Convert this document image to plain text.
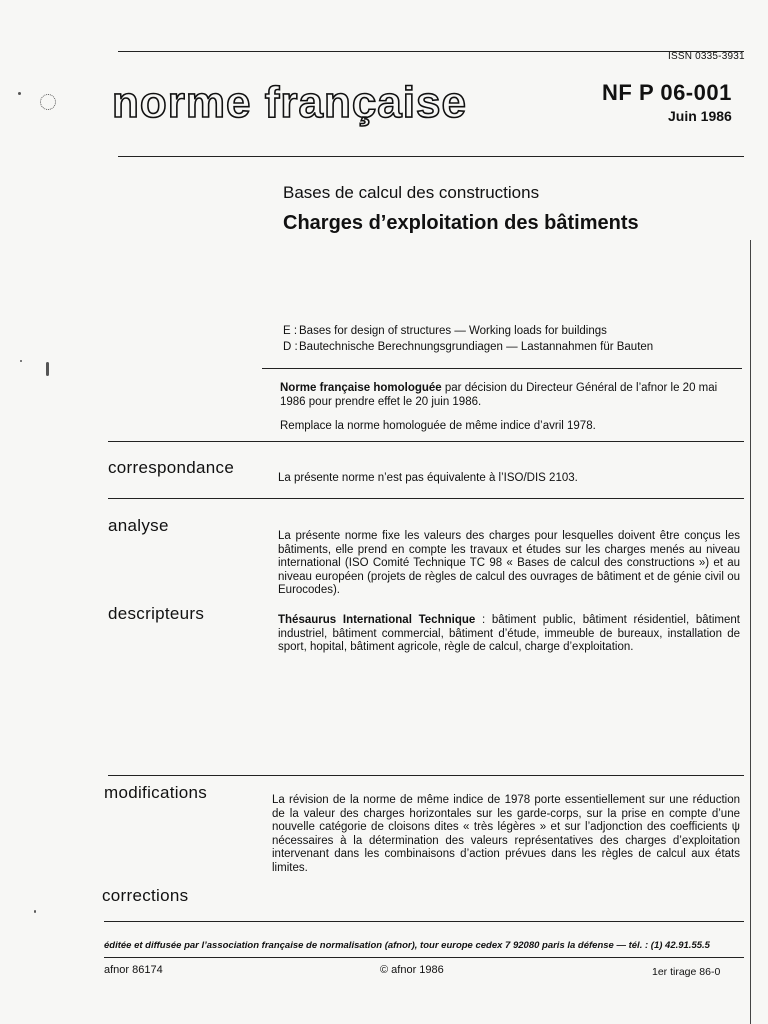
ISSN 0335-3931
norme française	NF P 06-001
Juin 1986
Bases de calcul des constructions
Charges d’exploitation des bâtiments
E : Bases for design of structures — Working loads for buildings
D :Bautechnische Berechnungsgrundiagen — Lastannahmen für Bauten
Norme française homologuée par décision du Directeur Général de l’afnor le 20 mai 1986 pour prendre effet le 20 juin 1986.
Remplace la norme homologuée de même indice d’avril 1978.
correspondance
La présente norme n’est pas équivalente à l’ISO/DIS 2103.
analyse
La présente norme fixe les valeurs des charges pour lesquelles doivent être conçus les bâtiments, elle prend en compte les travaux et études sur les charges menés au niveau international (ISO Comité Technique TC 98 « Bases de calcul des constructions ») et au niveau européen (projets de règles de calcul des ouvrages de bâtiment et de génie civil ou Eurocodes).
descripteurs	Thésaurus International Technique : bâtiment public, bâtiment résidentiel, bâtiment industriel, bâtiment commercial, bâtiment d’étude, immeuble de bureaux, installation de sport, hopital, bâtiment agricole, règle de calcul, charge d’exploitation.
modifications	La révision de la norme de même indice de 1978 porte essentiellement sur une réduction de la valeur des charges horizontales sur les garde-corps, sur la prise en compte d’une nouvelle catégorie de cloisons dites « très légères » et sur l’adjonction des coefficients ψ nécessaires à la détermination des valeurs représentatives des charges d’exploitation intervenant dans les combinaisons d’action prévues dans les règles de calcul aux états limites.
corrections
éditée et diffusée par l’association française de normalisation (afnor), tour europe cedex 7 92080 paris la défense — tél. : (1) 42.91.55.5
afnor 86174	© afnor 1986	1er tirage 86-0
